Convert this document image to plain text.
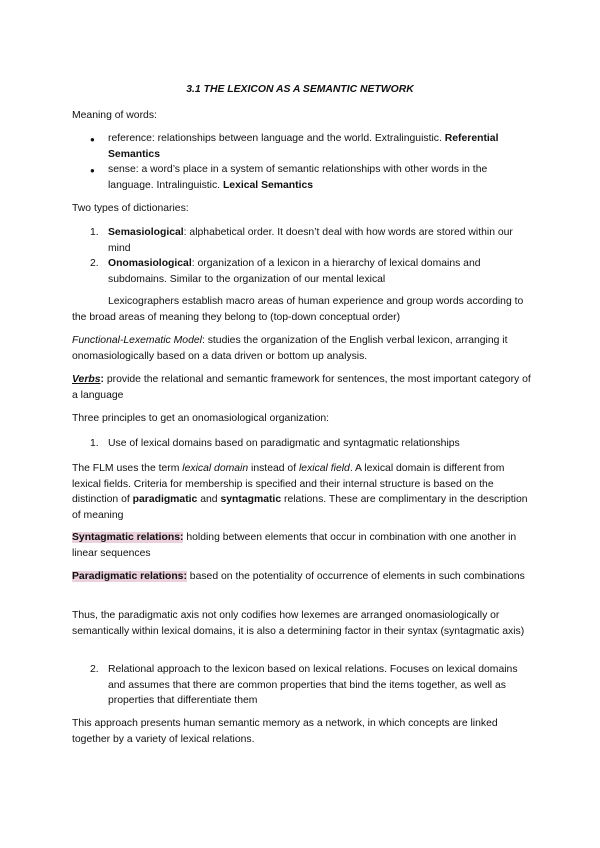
3.1 THE LEXICON AS A SEMANTIC NETWORK

Meaning of words:

● reference: relationships between language and the world. Extralinguistic. Referential Semantics

● sense: a word’s place in a system of semantic relationships with other words in the language. Intralinguistic. Lexical Semantics

Two types of dictionaries:

1. Semasiological: alphabetical order. It doesn’t deal with how words are stored within our mind

2. Onomasiological: organization of a lexicon in a hierarchy of lexical domains and subdomains. Similar to the organization of our mental lexical

Lexicographers establish macro areas of human experience and group words according to the broad areas of meaning they belong to (top-down conceptual order)

Functional-Lexematic Model: studies the organization of the English verbal lexicon, arranging it onomasiologically based on a data driven or bottom up analysis.

Verbs: provide the relational and semantic framework for sentences, the most important category of a language

Three principles to get an onomasiological organization:

1. Use of lexical domains based on paradigmatic and syntagmatic relationships

The FLM uses the term lexical domain instead of lexical field. A lexical domain is different from lexical fields. Criteria for membership is specified and their internal structure is based on the distinction of paradigmatic and syntagmatic relations. These are complimentary in the description of meaning

Syntagmatic relations: holding between elements that occur in combination with one another in linear sequences

Paradigmatic relations: based on the potentiality of occurrence of elements in such combinations

Thus, the paradigmatic axis not only codifies how lexemes are arranged onomasiologically or semantically within lexical domains, it is also a determining factor in their syntax (syntagmatic axis)

2. Relational approach to the lexicon based on lexical relations. Focuses on lexical domains and assumes that there are common properties that bind the items together, as well as properties that differentiate them

This approach presents human semantic memory as a network, in which concepts are linked together by a variety of lexical relations.
